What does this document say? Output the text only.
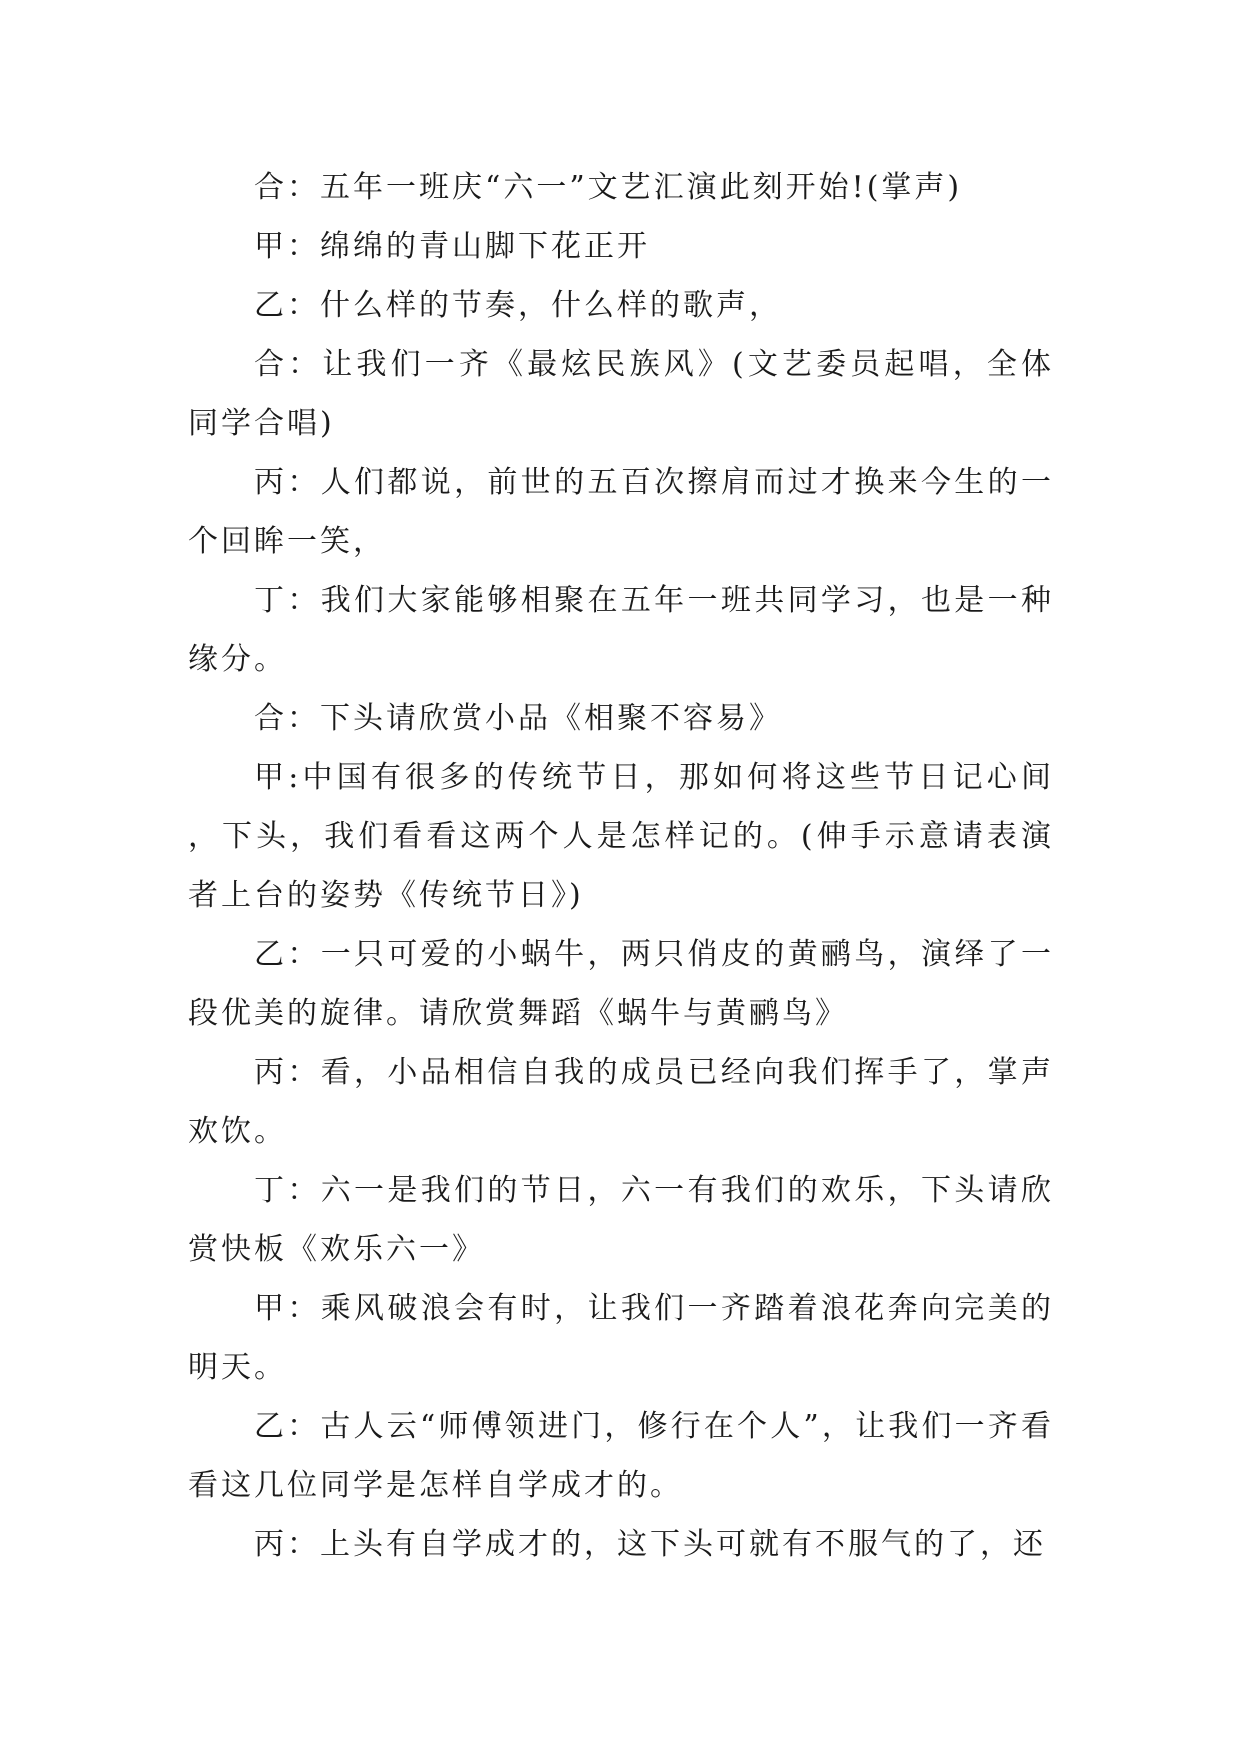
合：五年一班庆“六一”文艺汇演此刻开始!(掌声)

甲：绵绵的青山脚下花正开

乙：什么样的节奏，什么样的歌声，

合：让我们一齐《最炫民族风》(文艺委员起唱，全体同学合唱)

丙：人们都说，前世的五百次擦肩而过才换来今生的一个回眸一笑，

丁：我们大家能够相聚在五年一班共同学习，也是一种缘分。

合：下头请欣赏小品《相聚不容易》

甲:中国有很多的传统节日，那如何将这些节日记心间，下头，我们看看这两个人是怎样记的。(伸手示意请表演者上台的姿势《传统节日》)

乙：一只可爱的小蜗牛，两只俏皮的黄鹂鸟，演绎了一段优美的旋律。请欣赏舞蹈《蜗牛与黄鹂鸟》

丙：看，小品相信自我的成员已经向我们挥手了，掌声欢饮。

丁：六一是我们的节日，六一有我们的欢乐，下头请欣赏快板《欢乐六一》

甲：乘风破浪会有时，让我们一齐踏着浪花奔向完美的明天。

乙：古人云“师傅领进门，修行在个人”，让我们一齐看看这几位同学是怎样自学成才的。

丙：上头有自学成才的，这下头可就有不服气的了，还
